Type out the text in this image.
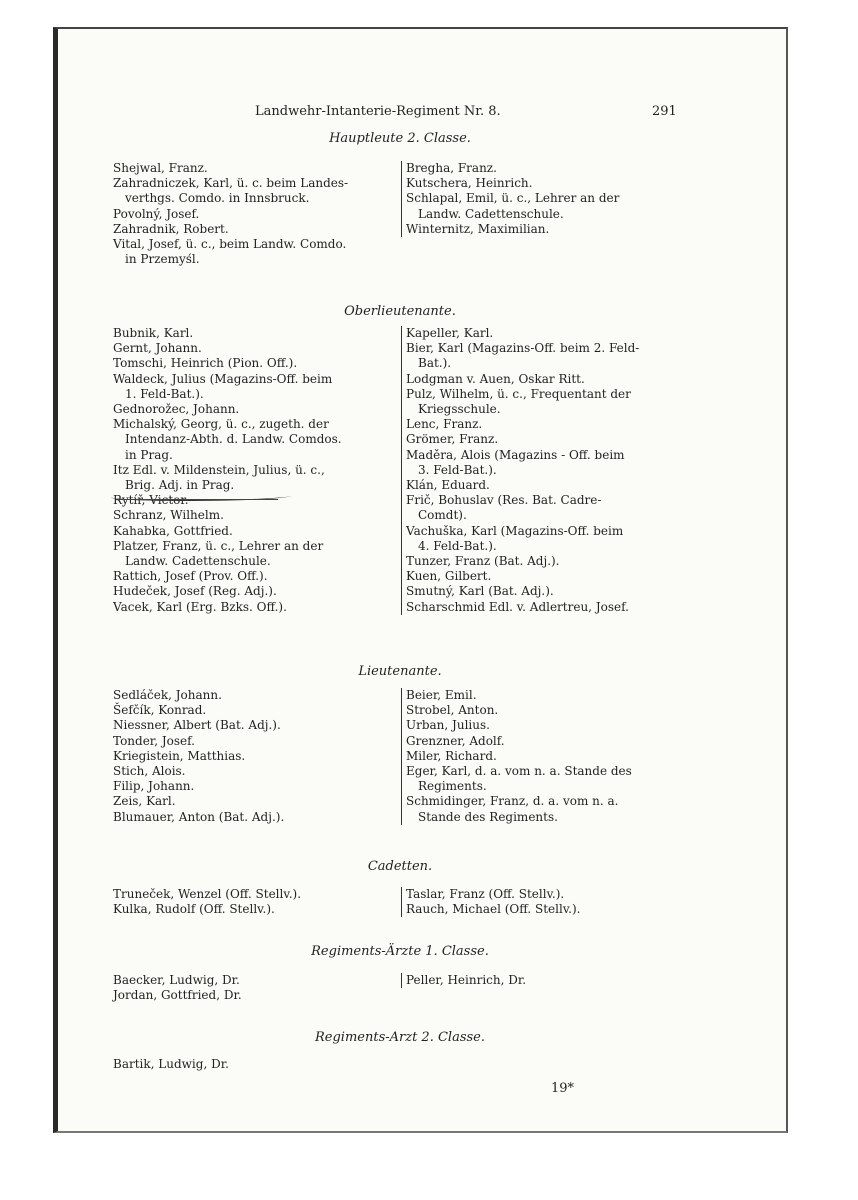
Landwehr-Intanterie-Regiment Nr. 8.	291
Hauptleute 2. Classe.
Shejwal, Franz.
Zahradniczek, Karl, ü. c. beim Landes-

verthgs. Comdo. in Innsbruck.
Povolný, Josef.
Zahradnik, Robert.
Vital, Josef, ü. c., beim Landw. Comdo.

in Przemyśl.
Bregha, Franz.
Kutschera, Heinrich.
Schlapal, Emil, ü. c., Lehrer an der

Landw. Cadettenschule.
Winternitz, Maximilian.
Oberlieutenante.
Bubnik, Karl.
Gernt, Johann.
Tomschi, Heinrich (Pion. Off.).
Waldeck, Julius (Magazins-Off. beim

1. Feld-Bat.).
Gednorožec, Johann.
Michalský, Georg, ü. c., zugeth. der

Intendanz-Abth. d. Landw. Comdos.
in Prag.
Itz Edl. v. Mildenstein, Julius, ü. c.,

Brig. Adj. in Prag.
Rytíř, Victor.
Schranz, Wilhelm.
Kahabka, Gottfried.
Platzer, Franz, ü. c., Lehrer an der

Landw. Cadettenschule.
Rattich, Josef (Prov. Off.).
Hudeček, Josef (Reg. Adj.).
Vacek, Karl (Erg. Bzks. Off.).
Kapeller, Karl.
Bier, Karl (Magazins-Off. beim 2. Feld-

Bat.).
Lodgman v. Auen, Oskar Ritt.
Pulz, Wilhelm, ü. c., Frequentant der

Kriegsschule.
Lenc, Franz.
Grömer, Franz.
Maděra, Alois (Magazins - Off. beim

3. Feld-Bat.).
Klán, Eduard.
Frič, Bohuslav (Res. Bat. Cadre-

Comdt).
Vachuška, Karl (Magazins-Off. beim

4. Feld-Bat.).
Tunzer, Franz (Bat. Adj.).
Kuen, Gilbert.
Smutný, Karl (Bat. Adj.).
Scharschmid Edl. v. Adlertreu, Josef.
Lieutenante.
Sedláček, Johann.
Šefčík, Konrad.
Niessner, Albert (Bat. Adj.).
Tonder, Josef.
Kriegistein, Matthias.
Stich, Alois.
Filip, Johann.
Zeis, Karl.
Blumauer, Anton (Bat. Adj.).
Beier, Emil.
Strobel, Anton.
Urban, Julius.
Grenzner, Adolf.
Miler, Richard.
Eger, Karl, d. a. vom n. a. Stande des

Regiments.
Schmidinger, Franz, d. a. vom n. a.

Stande des Regiments.
Cadetten.
Truneček, Wenzel (Off. Stellv.).
Kulka, Rudolf (Off. Stellv.).
Taslar, Franz (Off. Stellv.).
Rauch, Michael (Off. Stellv.).
Regiments-Ärzte 1. Classe.
Baecker, Ludwig, Dr.
Jordan, Gottfried, Dr.
Peller, Heinrich, Dr.
Regiments-Arzt 2. Classe.
Bartik, Ludwig, Dr.
19*
